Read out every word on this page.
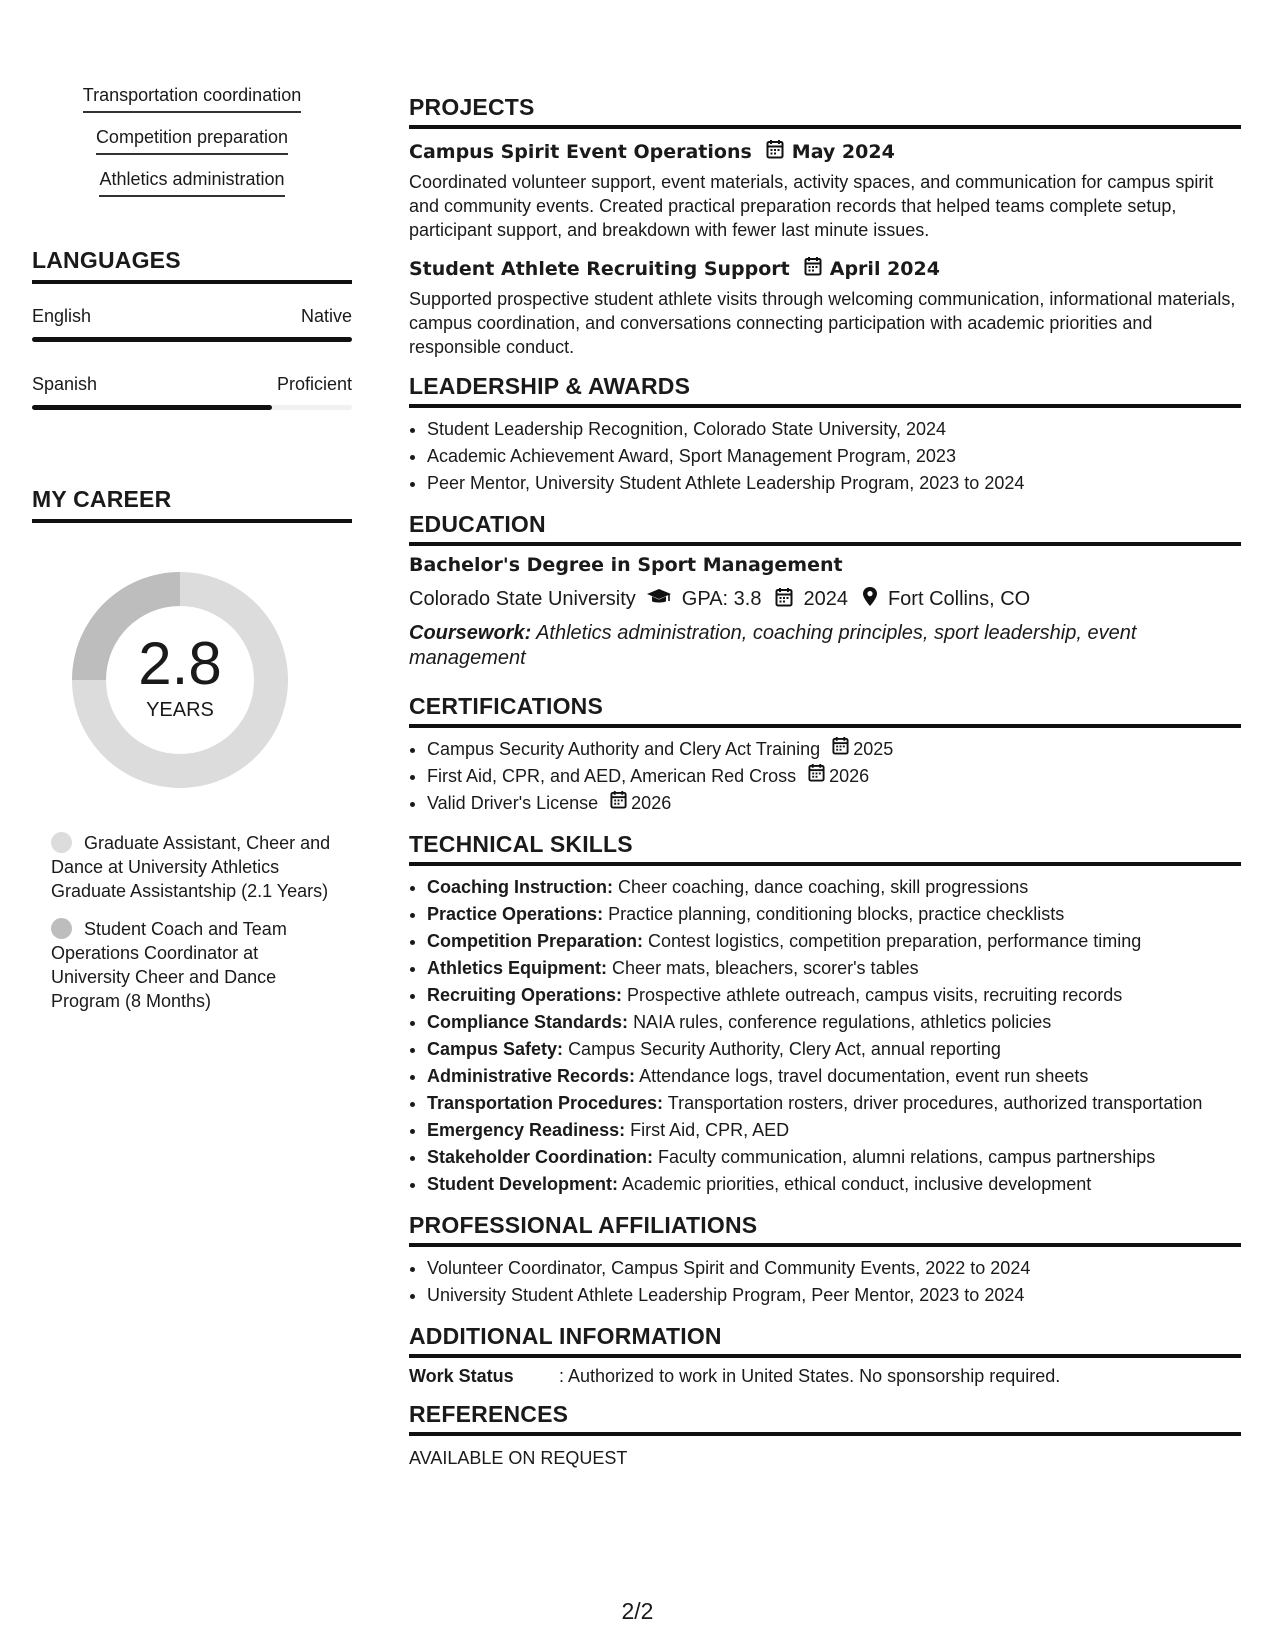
Transportation coordination
Competition preparation
Athletics administration
LANGUAGES
English	Native
Spanish	Proficient
MY CAREER
2.8
YEARS
Graduate Assistant, Cheer and Dance at University Athletics Graduate Assistantship (2.1 Years)
Student Coach and Team Operations Coordinator at University Cheer and Dance Program (8 Months)
PROJECTS
Campus Spirit Event Operations May 2024
Coordinated volunteer support, event materials, activity spaces, and communication for campus spirit and community events. Created practical preparation records that helped teams complete setup, participant support, and breakdown with fewer last minute issues.
Student Athlete Recruiting Support April 2024
Supported prospective student athlete visits through welcoming communication, informational materials, campus coordination, and conversations connecting participation with academic priorities and responsible conduct.
LEADERSHIP & AWARDS
• Student Leadership Recognition, Colorado State University, 2024
• Academic Achievement Award, Sport Management Program, 2023
• Peer Mentor, University Student Athlete Leadership Program, 2023 to 2024
EDUCATION
Bachelor's Degree in Sport Management
Colorado State University GPA: 3.8 2024 Fort Collins, CO
Coursework: Athletics administration, coaching principles, sport leadership, event management
CERTIFICATIONS
• Campus Security Authority and Clery Act Training 2025
• First Aid, CPR, and AED, American Red Cross 2026
• Valid Driver's License 2026
TECHNICAL SKILLS
• Coaching Instruction: Cheer coaching, dance coaching, skill progressions
• Practice Operations: Practice planning, conditioning blocks, practice checklists
• Competition Preparation: Contest logistics, competition preparation, performance timing
• Athletics Equipment: Cheer mats, bleachers, scorer's tables
• Recruiting Operations: Prospective athlete outreach, campus visits, recruiting records
• Compliance Standards: NAIA rules, conference regulations, athletics policies
• Campus Safety: Campus Security Authority, Clery Act, annual reporting
• Administrative Records: Attendance logs, travel documentation, event run sheets
• Transportation Procedures: Transportation rosters, driver procedures, authorized transportation
• Emergency Readiness: First Aid, CPR, AED
• Stakeholder Coordination: Faculty communication, alumni relations, campus partnerships
• Student Development: Academic priorities, ethical conduct, inclusive development
PROFESSIONAL AFFILIATIONS
• Volunteer Coordinator, Campus Spirit and Community Events, 2022 to 2024
• University Student Athlete Leadership Program, Peer Mentor, 2023 to 2024
ADDITIONAL INFORMATION
Work Status	: Authorized to work in United States. No sponsorship required.
REFERENCES
AVAILABLE ON REQUEST
2/2
